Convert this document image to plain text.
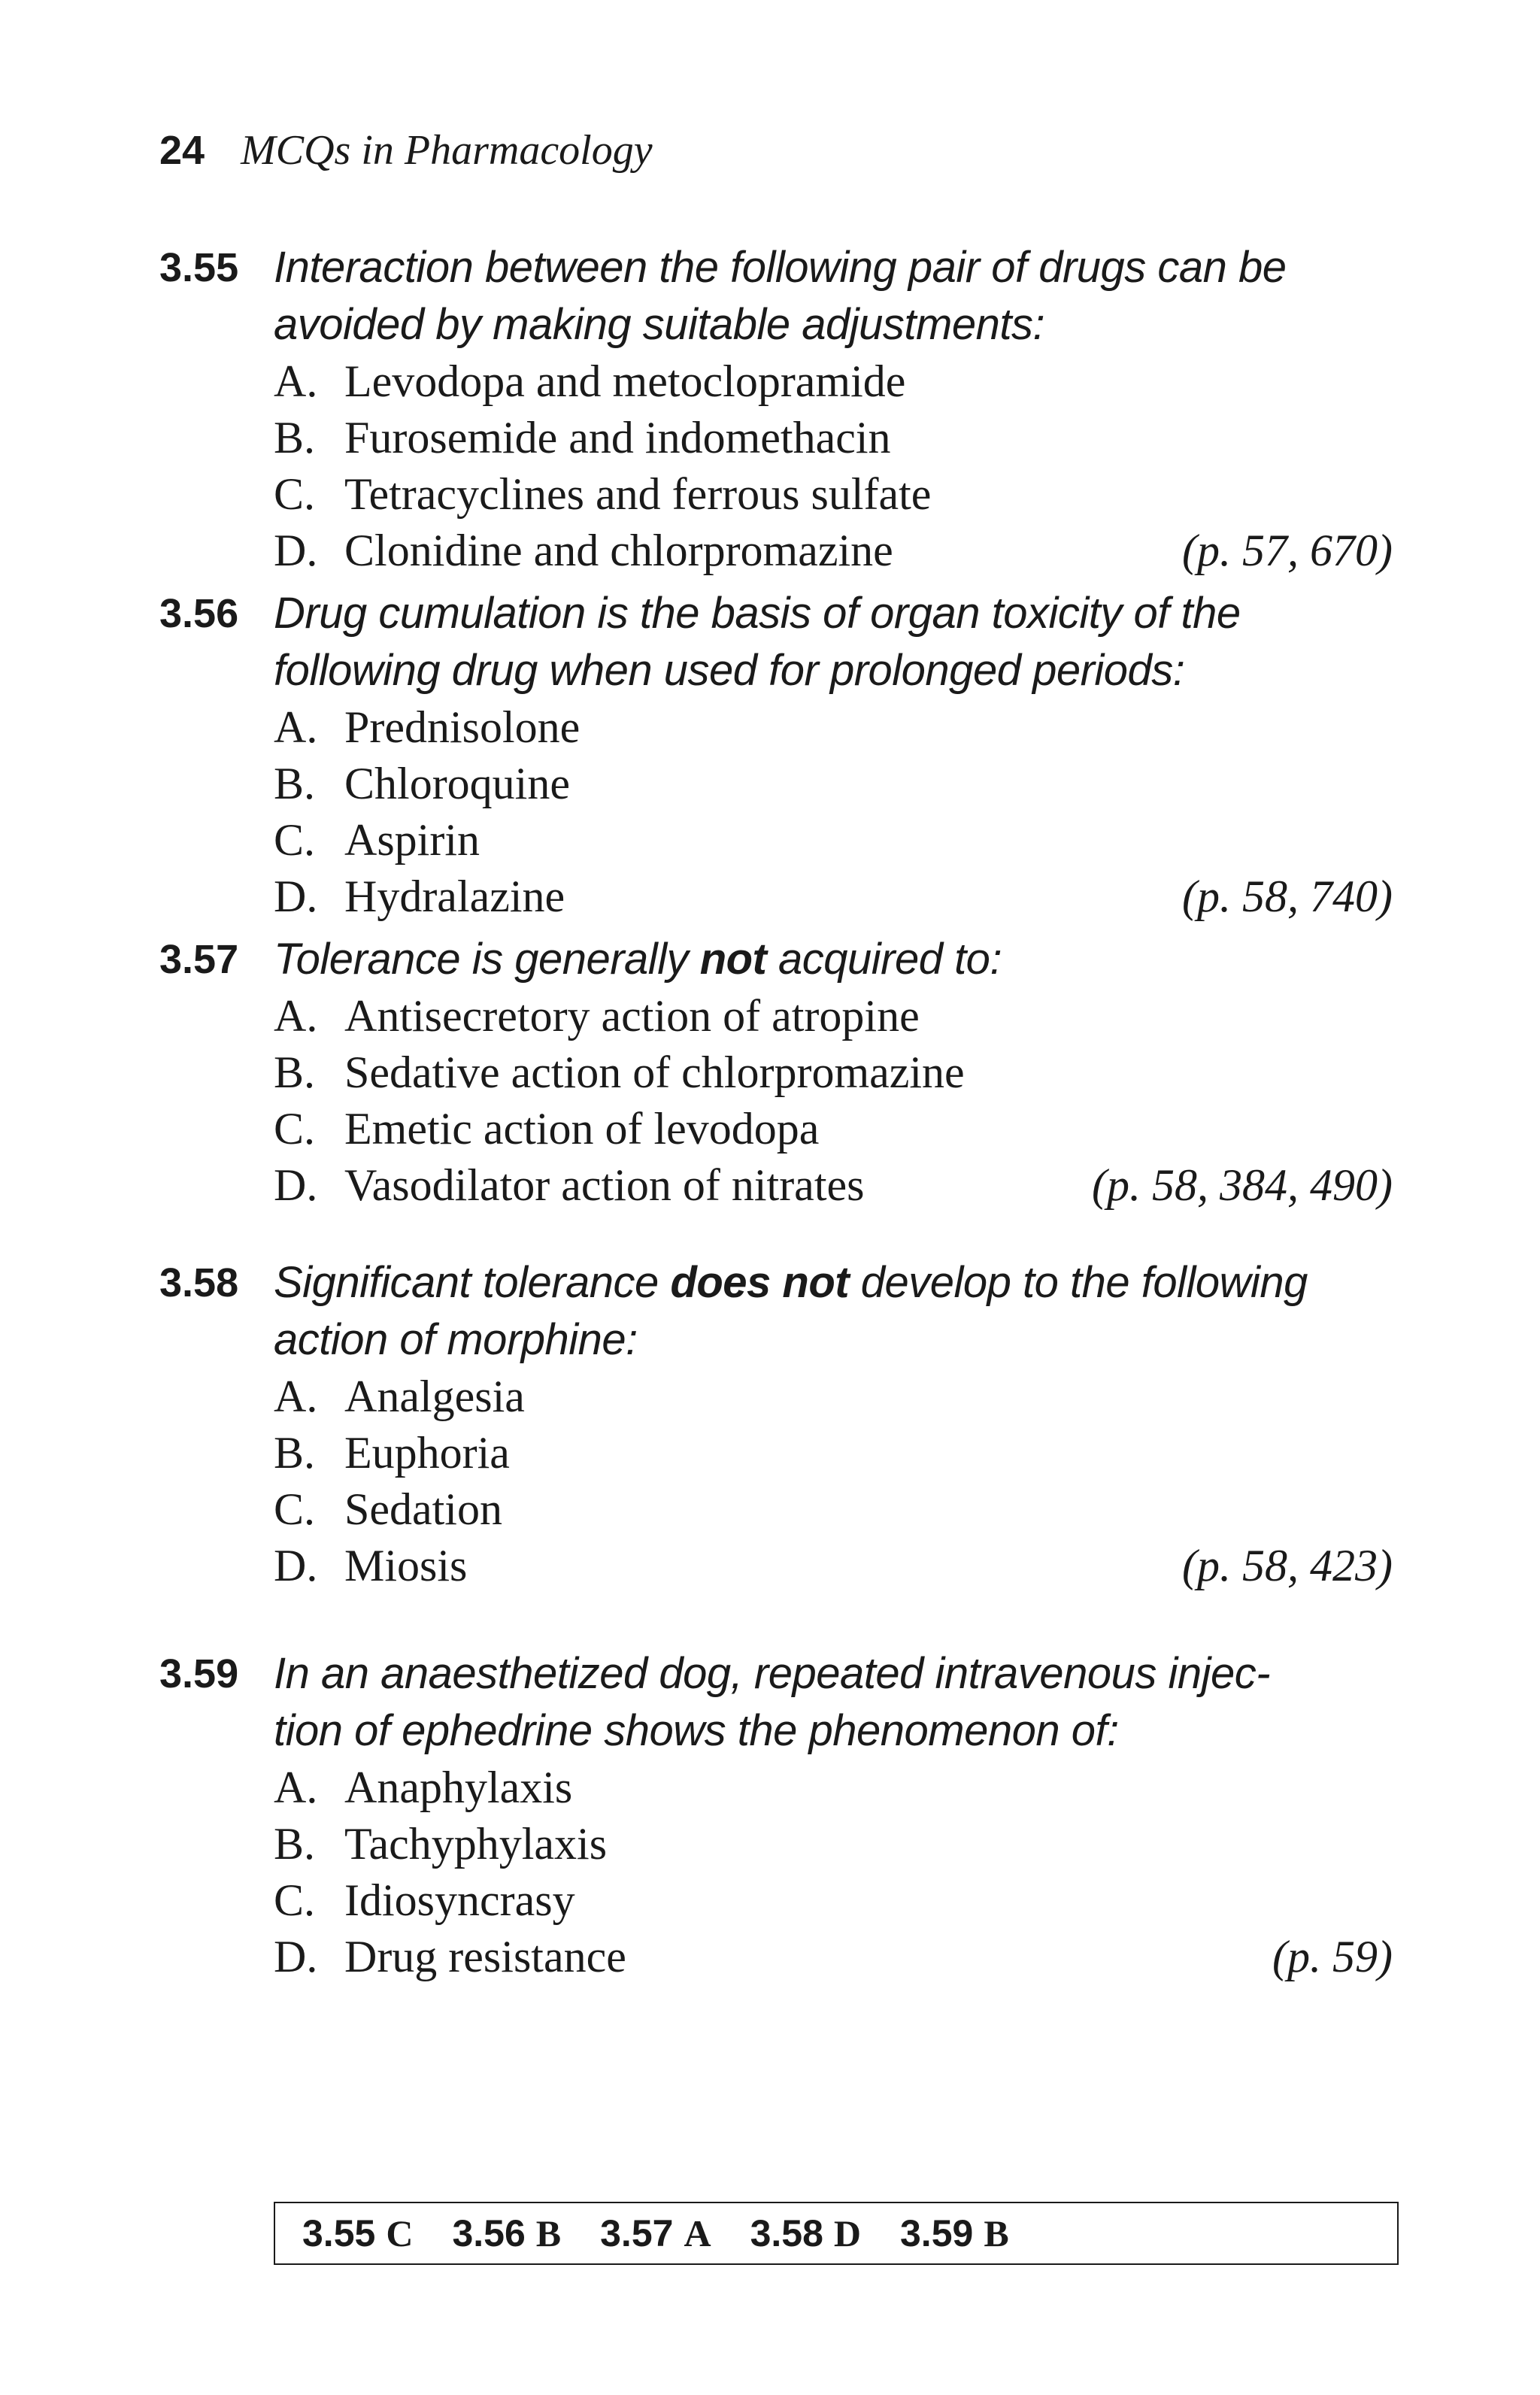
24 MCQs in Pharmacology
3.55 Interaction between the following pair of drugs can be
avoided by making suitable adjustments:
A. Levodopa and metoclopramide
B. Furosemide and indomethacin
C. Tetracyclines and ferrous sulfate
D. Clonidine and chlorpromazine	(p. 57, 670)
3.56 Drug cumulation is the basis of organ toxicity of the
following drug when used for prolonged periods:
A. Prednisolone
B. Chloroquine
C. Aspirin
D. Hydralazine	(p. 58, 740)
3.57 Tolerance is generally not acquired to:
A. Antisecretory action of atropine
B. Sedative action of chlorpromazine
C. Emetic action of levodopa
D. Vasodilator action of nitrates	(p. 58, 384, 490)
3.58 Significant tolerance does not develop to the following
action of morphine:
A. Analgesia
B. Euphoria
C. Sedation
D. Miosis	(p. 58, 423)
3.59 In an anaesthetized dog, repeated intravenous injec-
tion of ephedrine shows the phenomenon of:
A. Anaphylaxis
B. Tachyphylaxis
C. Idiosyncrasy
D. Drug resistance	(p. 59)
3.55 C 3.56 B 3.57 A 3.58 D 3.59 B
